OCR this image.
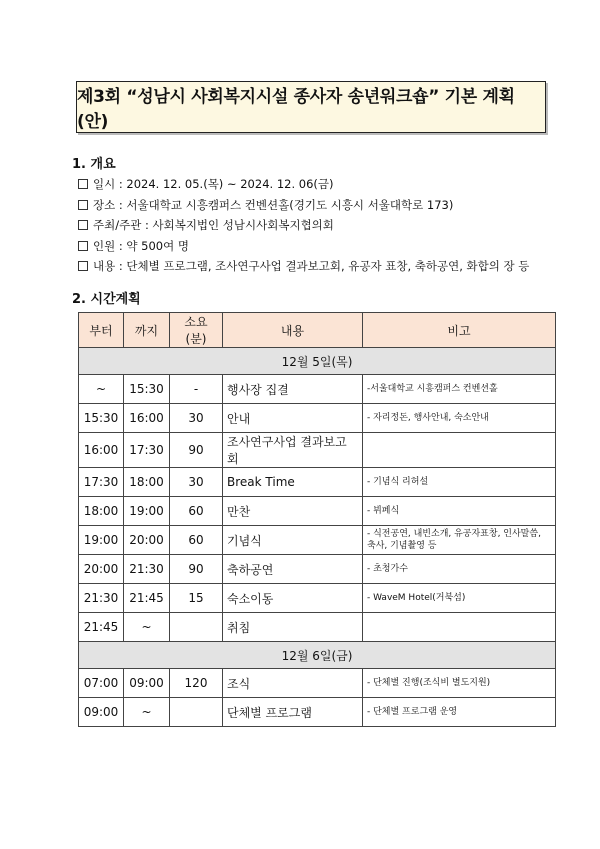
제3회 “성남시 사회복지시설 종사자 송년워크숍” 기본 계획(안)
1. 개요
일시 : 2024. 12. 05.(목) ~ 2024. 12. 06(금)
장소 : 서울대학교 시흥캠퍼스 컨벤션홀(경기도 시흥시 서울대학로 173)
주최/주관 : 사회복지법인 성남시사회복지협의회
인원 : 약 500여 명
내용 : 단체별 프로그램, 조사연구사업 결과보고회, 유공자 표창, 축하공연, 화합의 장 등
2. 시간계획
부터	까지	소요(분)	내용	비고
12월 5일(목)				
~	15:30	-	행사장 집결	-서울대학교 시흥캠퍼스 컨벤션홀
15:30	16:00	30	안내	- 자리정돈, 행사안내, 숙소안내
16:00	17:30	90	조사연구사업 결과보고회	
17:30	18:00	30	Break Time	- 기념식 리허설
18:00	19:00	60	만찬	- 뷔페식
19:00	20:00	60	기념식	- 식전공연, 내빈소개, 유공자표창, 인사말씀,
축사, 기념촬영 등
20:00	21:30	90	축하공연	- 초청가수
21:30	21:45	15	숙소이동	- WaveM Hotel(거북섬)
21:45	~		취침	
12월 6일(금)				
07:00	09:00	120	조식	- 단체별 진행(조식비 별도지원)
09:00	~		단체별 프로그램	- 단체별 프로그램 운영
